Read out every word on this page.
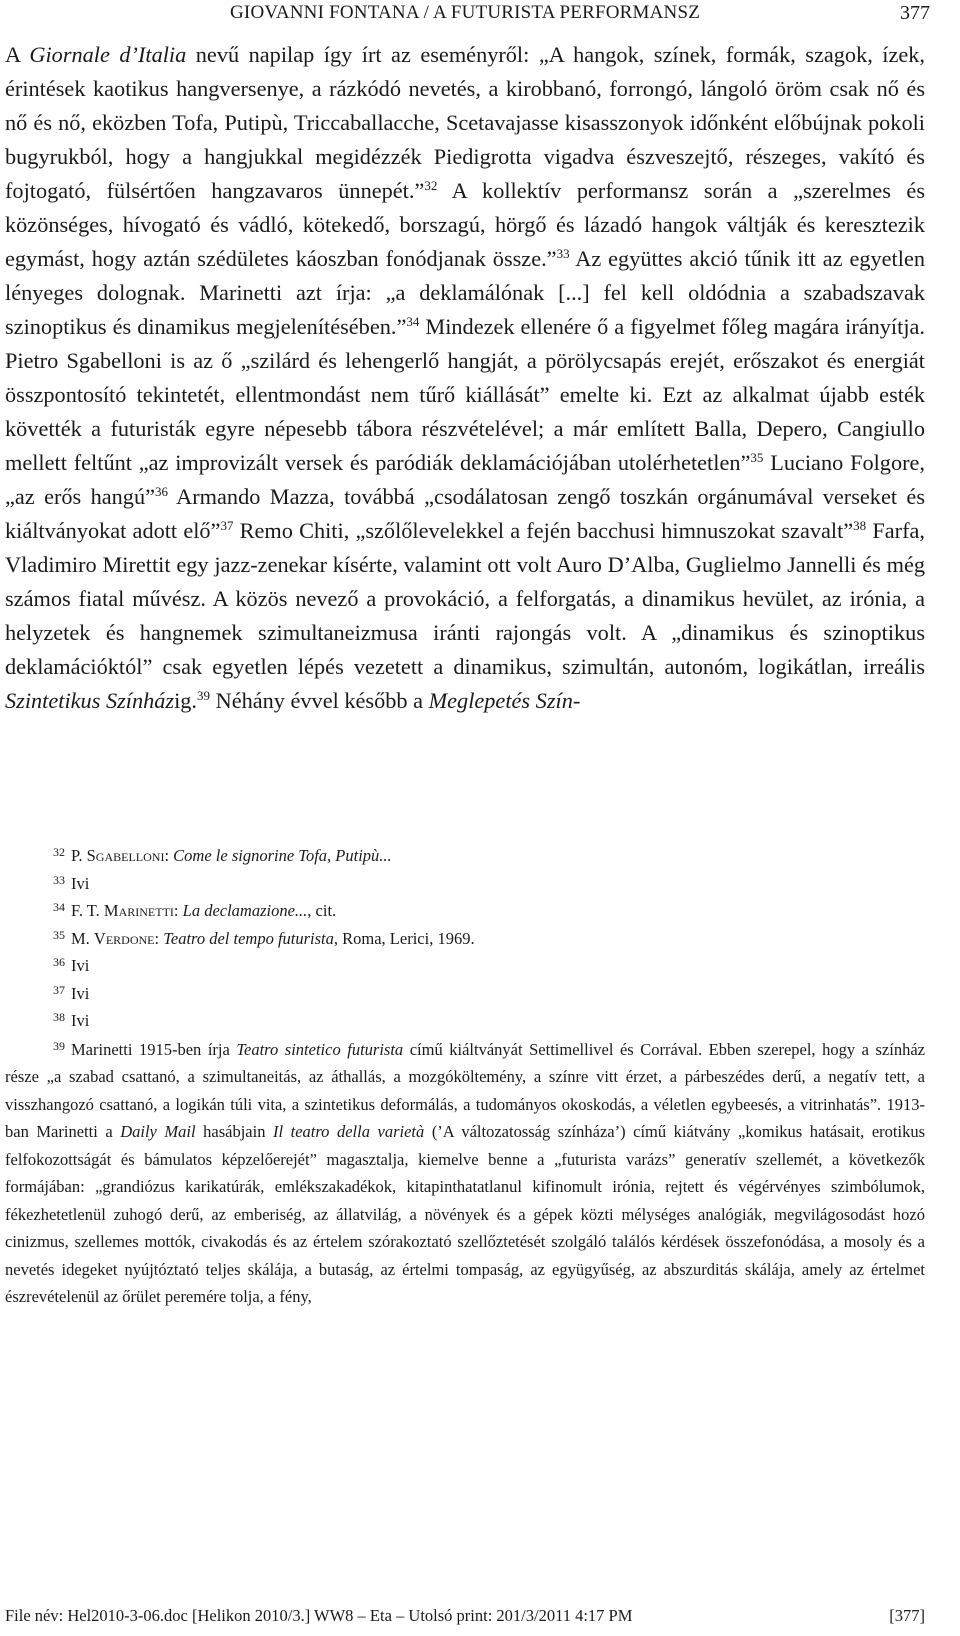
GIOVANNI FONTANA / A FUTURISTA PERFORMANSZ	377

A Giornale d’Italia nevű napilap így írt az eseményről: „A hangok, színek, formák, szagok, ízek, érintések kaotikus hangversenye, a rázkódó nevetés, a kirobbanó, forrongó, lángoló öröm csak nő és nő és nő, eközben Tofa, Putipù, Triccaballacche, Scetavajasse kisasszonyok időnként előbújnak pokoli bugyrukból, hogy a hangjukkal megidézzék Piedigrotta vigadva észveszejtő, részeges, vakító és fojtogató, fülsértően hangzavaros ünnepét.”$^{32}$ A kollektív performansz során a „szerelmes és közönséges, hívogató és vádló, kötekedő, borszagú, hörgő és lázadó hangok váltják és keresztezik egymást, hogy aztán szédületes káoszban fonódjanak össze.”$^{33}$ Az együttes akció tűnik itt az egyetlen lényeges dolognak. Marinetti azt írja: „a deklamálónak [...] fel kell oldódnia a szabadszavak szinoptikus és dinamikus megjelenítésében.”$^{34}$ Mindezek ellenére ő a figyelmet főleg magára irányítja. Pietro Sgabelloni is az ő „szilárd és lehengerlő hangját, a pörölycsapás erejét, erőszakot és energiát összpontosító tekintetét, ellentmondást nem tűrő kiállását” emelte ki. Ezt az alkalmat újabb esték követték a futuristák egyre népesebb tábora részvételével; a már említett Balla, Depero, Cangiullo mellett feltűnt „az improvizált versek és paródiák deklamációjában utolérhetetlen”$^{35}$ Luciano Folgore, „az erős hangú”$^{36}$ Armando Mazza, továbbá „csodálatosan zengő toszkán orgánumával verseket és kiáltványokat adott elő”$^{37}$ Remo Chiti, „szőlőlevelekkel a fején bacchusi himnuszokat szavalt”$^{38}$ Farfa, Vladimiro Mirettit egy jazz-zenekar kísérte, valamint ott volt Auro D’Alba, Guglielmo Jannelli és még számos fiatal művész. A közös nevező a provokáció, a felforgatás, a dinamikus hevület, az irónia, a helyzetek és hangnemek szimultaneizmusa iránti rajongás volt. A „dinamikus és szinoptikus deklamációktól” csak egyetlen lépés vezetett a dinamikus, szimultán, autonóm, logikátlan, irreális Szintetikus Színházig.$^{39}$ Néhány évvel később a Meglepetés Szín-

$^{32}$ P. Sgabelloni: Come le signorine Tofa, Putipù...

$^{33}$ Ivi

$^{34}$ F. T. Marinetti: La declamazione..., cit.

$^{35}$ M. Verdone: Teatro del tempo futurista, Roma, Lerici, 1969.

$^{36}$ Ivi

$^{37}$ Ivi

$^{38}$ Ivi

$^{39}$ Marinetti 1915-ben írja Teatro sintetico futurista című kiáltványát Settimellivel és Corrával. Ebben szerepel, hogy a színház része „a szabad csattanó, a szimultaneitás, az áthallás, a mozgóköltemény, a színre vitt érzet, a párbeszédes derű, a negatív tett, a visszhangozó csattanó, a logikán túli vita, a szintetikus deformálás, a tudományos okoskodás, a véletlen egybeesés, a vitrinhatás”. 1913-ban Marinetti a Daily Mail hasábjain Il teatro della varietà (’A változatosság színháza’) című kiátvány „komikus hatásait, erotikus felfokozottságát és bámulatos képzelőerejét” magasztalja, kiemelve benne a „futurista varázs” generatív szellemét, a következők formájában: „grandiózus karikatúrák, emlékszakadékok, kitapinthatatlanul kifinomult irónia, rejtett és végérvényes szimbólumok, fékezhetetlenül zuhogó derű, az emberiség, az állatvilág, a növények és a gépek közti mélységes analógiák, megvilágosodást hozó cinizmus, szellemes mottók, civakodás és az értelem szórakoztató szellőztetését szolgáló találós kérdések összefonódása, a mosoly és a nevetés idegeket nyújtóztató teljes skálája, a butaság, az értelmi tompaság, az együgyűség, az abszurditás skálája, amely az értelmet észrevételenül az őrület peremére tolja, a fény,

File név: Hel2010-3-06.doc [Helikon 2010/3.] WW8 – Eta – Utolsó print: 201/3/2011 4:17 PM	[377]
